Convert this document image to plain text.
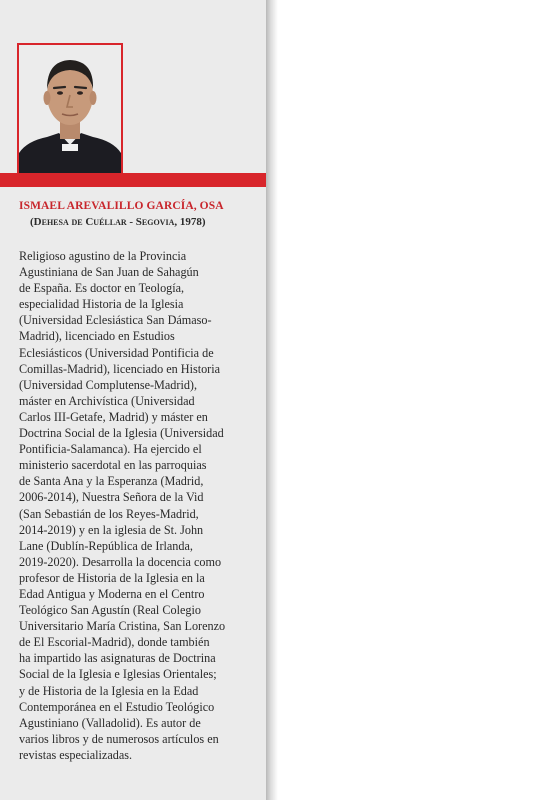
ISMAEL AREVALILLO GARCÍA, OSA
(Dehesa de Cuéllar - Segovia, 1978)
Religioso agustino de la Provincia
Agustiniana de San Juan de Sahagún
de España. Es doctor en Teología,
especialidad Historia de la Iglesia
(Universidad Eclesiástica San Dámaso-
Madrid), licenciado en Estudios
Eclesiásticos (Universidad Pontificia de
Comillas-Madrid), licenciado en Historia
(Universidad Complutense-Madrid),
máster en Archivística (Universidad
Carlos III-Getafe, Madrid) y máster en
Doctrina Social de la Iglesia (Universidad
Pontificia-Salamanca). Ha ejercido el
ministerio sacerdotal en las parroquias
de Santa Ana y la Esperanza (Madrid,
2006-2014), Nuestra Señora de la Vid
(San Sebastián de los Reyes-Madrid,
2014-2019) y en la iglesia de St. John
Lane (Dublín-República de Irlanda,
2019-2020). Desarrolla la docencia como
profesor de Historia de la Iglesia en la
Edad Antigua y Moderna en el Centro
Teológico San Agustín (Real Colegio
Universitario María Cristina, San Lorenzo
de El Escorial-Madrid), donde también
ha impartido las asignaturas de Doctrina
Social de la Iglesia e Iglesias Orientales;
y de Historia de la Iglesia en la Edad
Contemporánea en el Estudio Teológico
Agustiniano (Valladolid). Es autor de
varios libros y de numerosos artículos en
revistas especializadas.
